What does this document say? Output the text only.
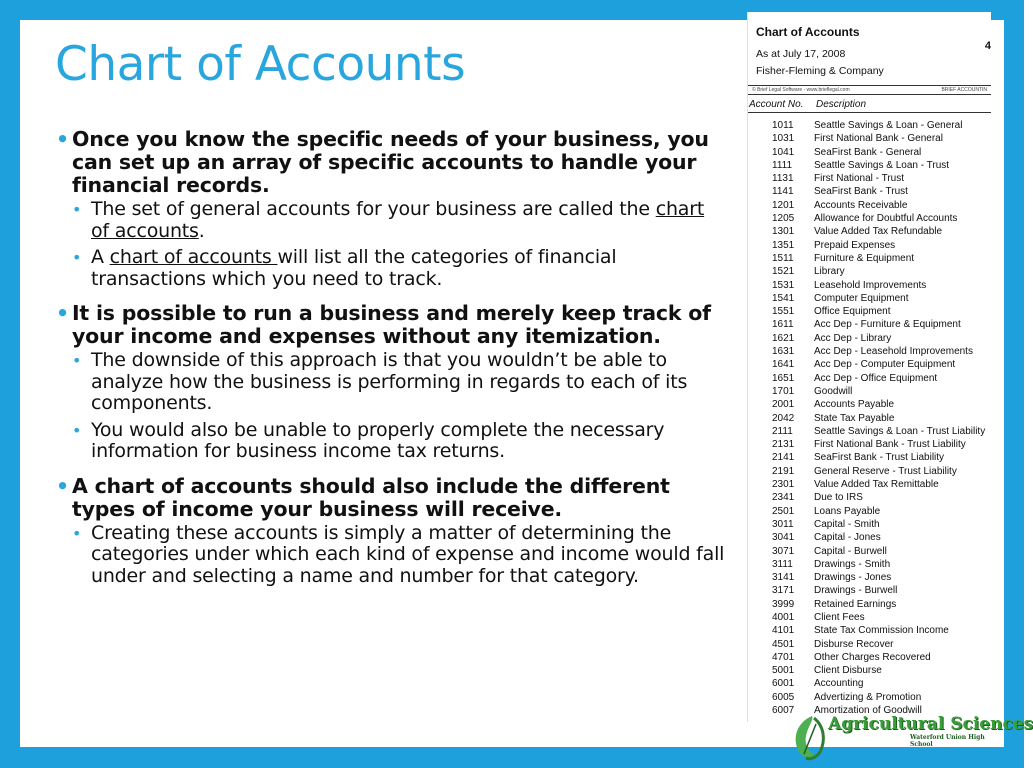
Chart of Accounts
• Once you know the specific needs of your business, you can set up an array of specific accounts to handle your financial records.
• The set of general accounts for your business are called the chart of accounts.
• A chart of accounts will list all the categories of financial transactions which you need to track.
• It is possible to run a business and merely keep track of your income and expenses without any itemization.
• The downside of this approach is that you wouldn’t be able to analyze how the business is performing in regards to each of its components.
• You would also be unable to properly complete the necessary information for business income tax returns.
• A chart of accounts should also include the different types of income your business will receive.
• Creating these accounts is simply a matter of determining the categories under which each kind of expense and income would fall under and selecting a name and number for that category.
Chart of Accounts
As at July 17, 2008
Fisher-Fleming & Company
4
© Brief Legal Software - www.brieflegal.com	BRIEF ACCOUNTIN
Account No. Description
1011 Seattle Savings & Loan - General
1031 First National Bank - General
1041 SeaFirst Bank - General
1111 Seattle Savings & Loan - Trust
1131 First National - Trust
1141 SeaFirst Bank - Trust
1201 Accounts Receivable
1205 Allowance for Doubtful Accounts
1301 Value Added Tax Refundable
1351 Prepaid Expenses
1511 Furniture & Equipment
1521 Library
1531 Leasehold Improvements
1541 Computer Equipment
1551 Office Equipment
1611 Acc Dep - Furniture & Equipment
1621 Acc Dep - Library
1631 Acc Dep - Leasehold Improvements
1641 Acc Dep - Computer Equipment
1651 Acc Dep - Office Equipment
1701 Goodwill
2001 Accounts Payable
2042 State Tax Payable
2111 Seattle Savings & Loan - Trust Liability
2131 First National Bank - Trust Liability
2141 SeaFirst Bank - Trust Liability
2191 General Reserve - Trust Liability
2301 Value Added Tax Remittable
2341 Due to IRS
2501 Loans Payable
3011 Capital - Smith
3041 Capital - Jones
3071 Capital - Burwell
3111 Drawings - Smith
3141 Drawings - Jones
3171 Drawings - Burwell
3999 Retained Earnings
4001 Client Fees
4101 State Tax Commission Income
4501 Disburse Recover
4701 Other Charges Recovered
5001 Client Disburse
6001 Accounting
6005 Advertizing & Promotion
6007 Amortization of Goodwill
Agricultural Sciences
Waterford Union High School
